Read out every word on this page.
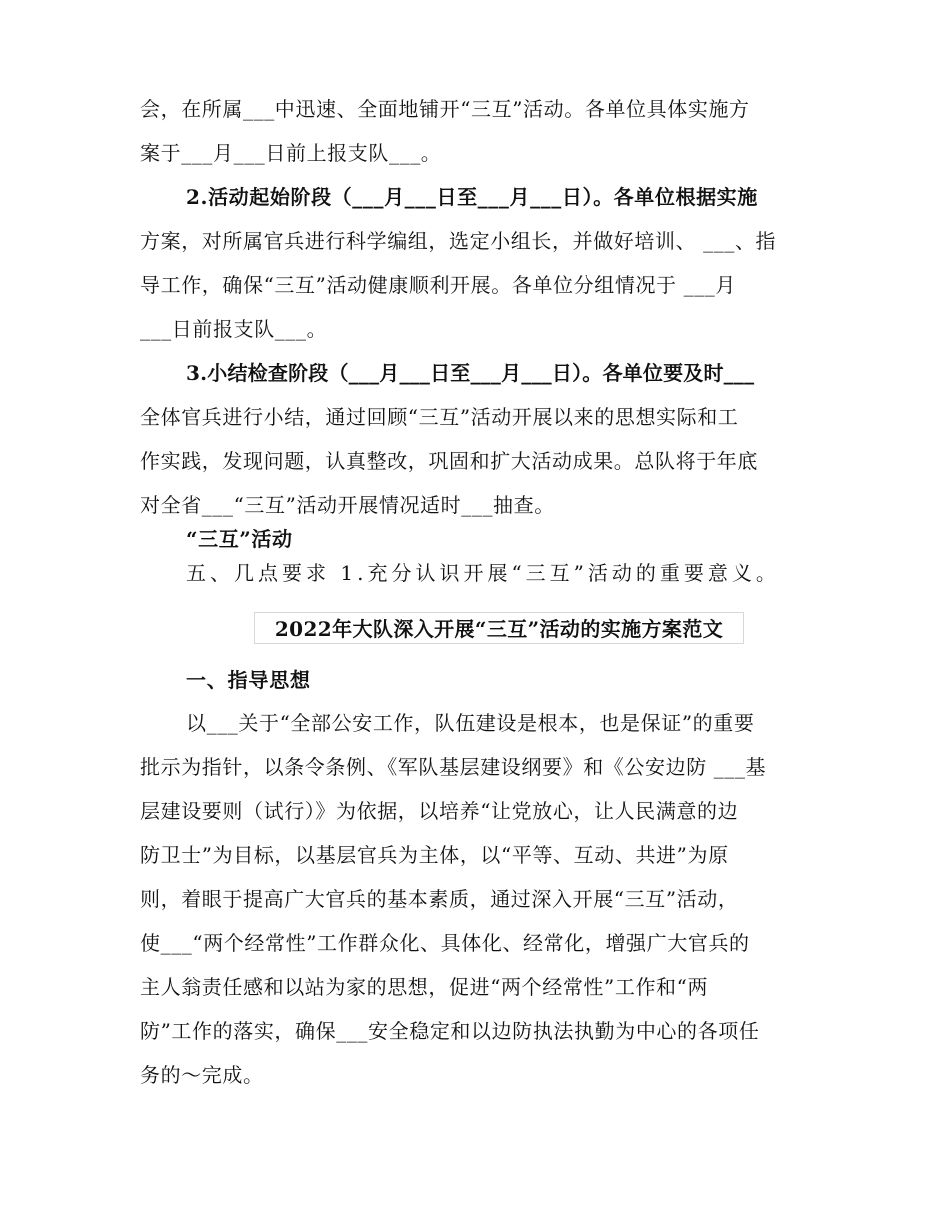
会，在所属___中迅速、全面地铺开“三互”活动。各单位具体实施方
案于___月___日前上报支队___。
2.活动起始阶段（___月___日至___月___日）。各单位根据实施
方案，对所属官兵进行科学编组，选定小组长，并做好培训、 ___、指
导工作，确保“三互”活动健康顺利开展。各单位分组情况于 ___月
___日前报支队___。
3.小结检查阶段（___月___日至___月___日）。各单位要及时___
全体官兵进行小结，通过回顾“三互”活动开展以来的思想实际和工
作实践，发现问题，认真整改，巩固和扩大活动成果。总队将于年底
对全省___“三互”活动开展情况适时___抽查。
“三互”活动
五、几点要求 1.充分认识开展“三互”活动的重要意义。
2022年大队深入开展“三互”活动的实施方案范文
一、指导思想
以___关于“全部公安工作，队伍建设是根本，也是保证”的重要
批示为指针，以条令条例、《军队基层建设纲要》和《公安边防 ___基
层建设要则（试行）》为依据，以培养“让党放心，让人民满意的边
防卫士”为目标，以基层官兵为主体，以“平等、互动、共进”为原
则，着眼于提高广大官兵的基本素质，通过深入开展“三互”活动，
使___“两个经常性”工作群众化、具体化、经常化，增强广大官兵的
主人翁责任感和以站为家的思想，促进“两个经常性”工作和“两
防”工作的落实，确保___安全稳定和以边防执法执勤为中心的各项任
务的～完成。
